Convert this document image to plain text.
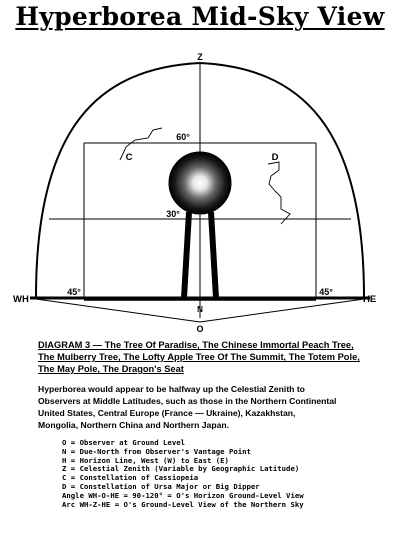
Hyperborea Mid-Sky View
Z
60°
30°
C	D
45°	45°
WH	HE
N
O
DIAGRAM 3 — The Tree Of Paradise, The Chinese Immortal Peach Tree,
The Mulberry Tree, The Lofty Apple Tree Of The Summit, The Totem Pole,
The May Pole, The Dragon's Seat
Hyperborea would appear to be halfway up the Celestial Zenith to
Observers at Middle Latitudes, such as those in the Northern Continental
United States, Central Europe (France — Ukraine), Kazakhstan,
Mongolia, Northern China and Northern Japan.
O = Observer at Ground Level
N = Due-North from Observer's Vantage Point
H = Horizon Line, West (W) to East (E)
Z = Celestial Zenith (Variable by Geographic Latitude)
C = Constellation of Cassiopeia
D = Constellation of Ursa Major or Big Dipper
Angle WH-O-HE = 90-120° = O's Horizon Ground-Level View
Arc WH-Z-HE = O's Ground-Level View of the Northern Sky
